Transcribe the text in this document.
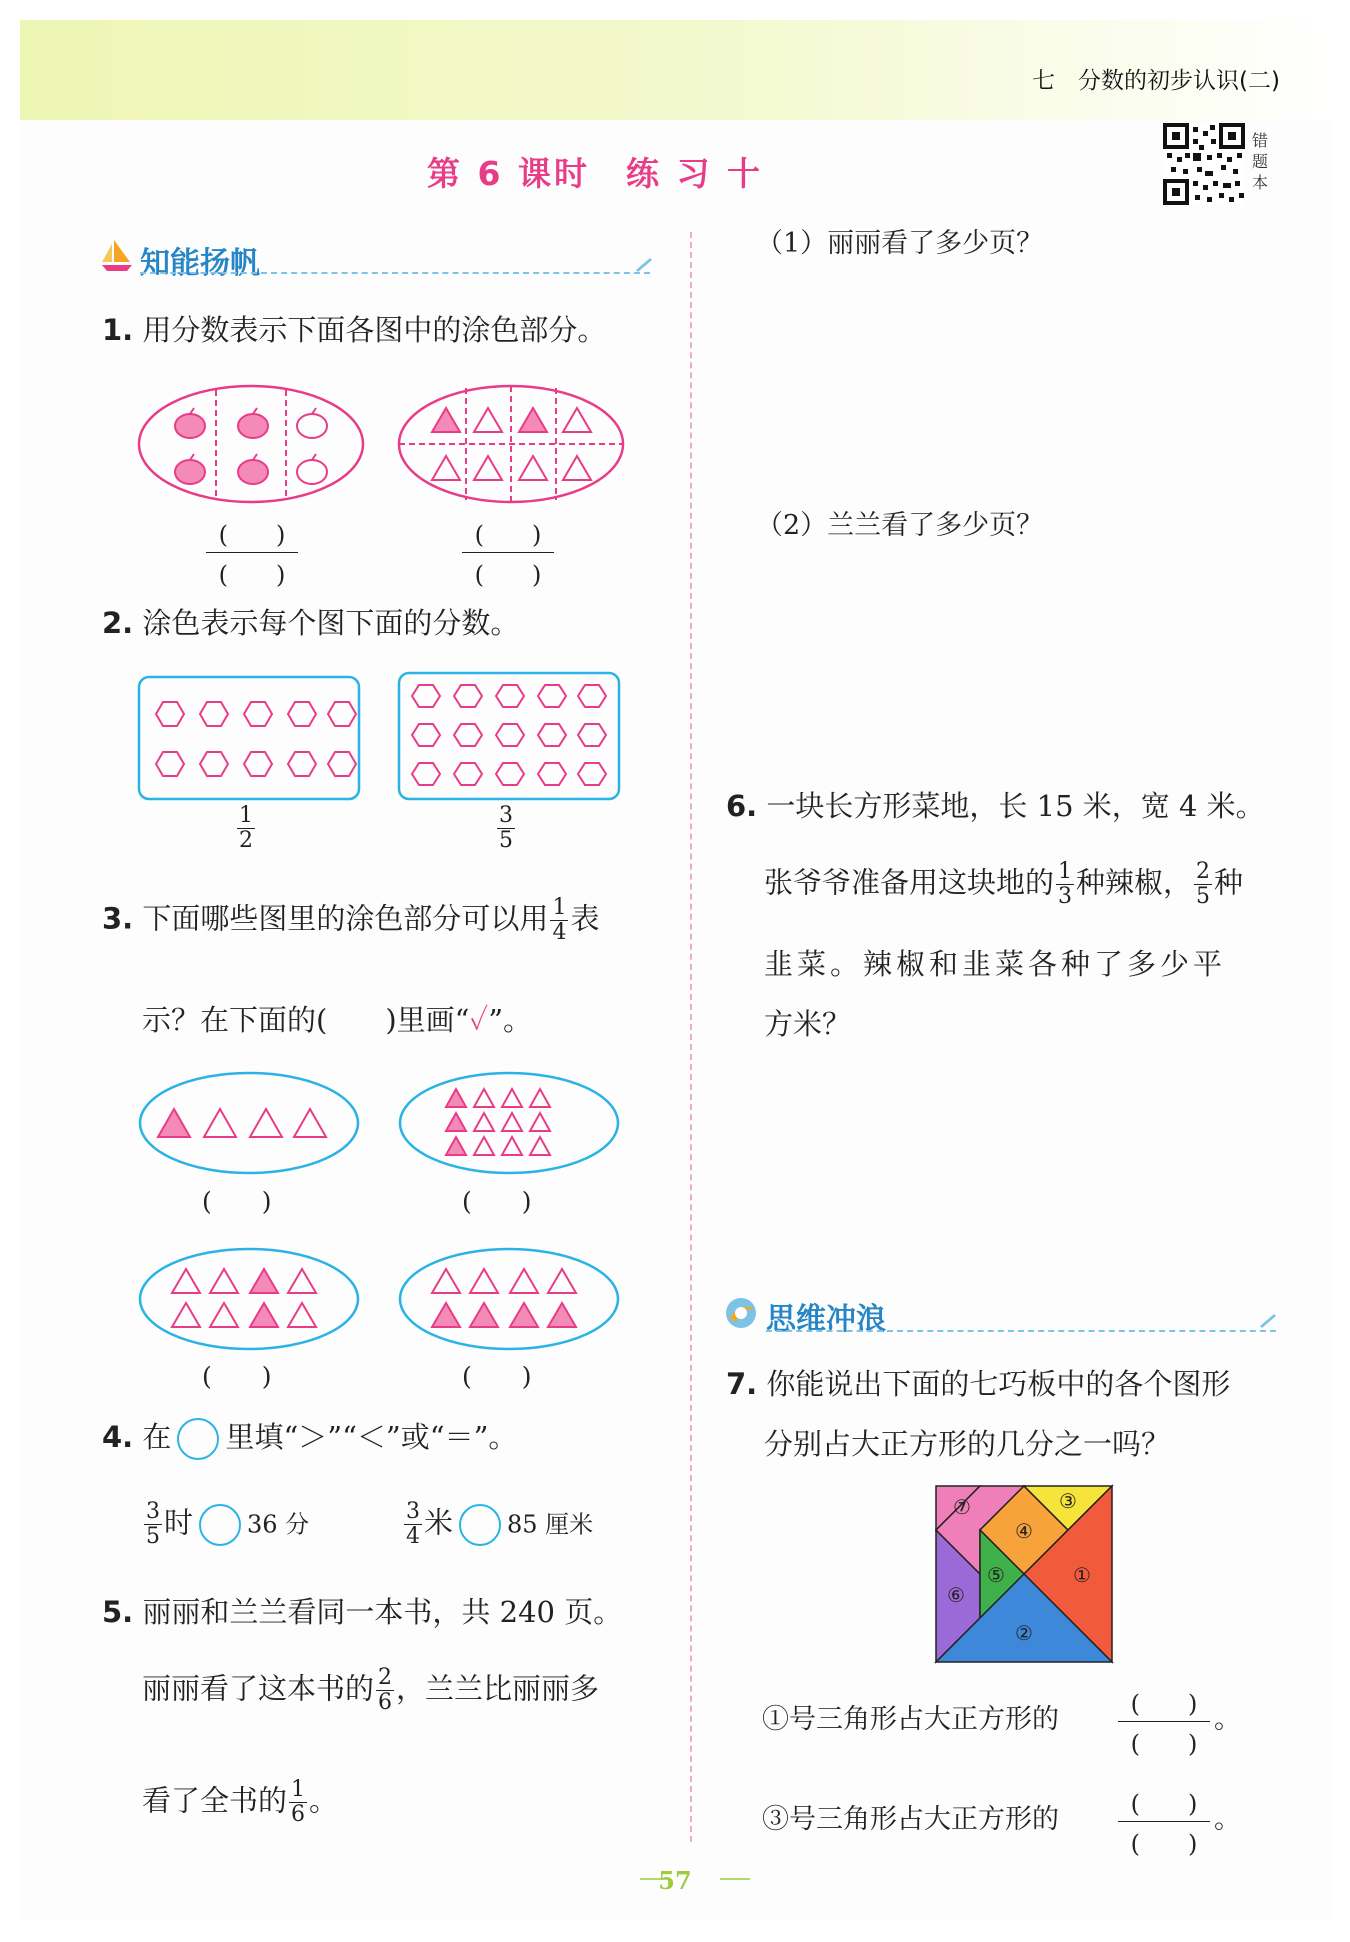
七　分数的初步认识(二)
第 6 课时　练 习 十
错题本
知能扬帆
1. 用分数表示下面各图中的涂色部分。
(　　)
(　　)
(　　)
(　　)
2. 涂色表示每个图下面的分数。
$\frac{1}{2}$	$\frac{3}{5}$
3. 下面哪些图里的涂色部分可以用 $\frac{1}{4}$ 表
示？在下面的(　　)里画“✓”。
(　　)	(　　)
(　　)	(　　)
4. 在 里填“＞”“＜”或“＝”。
$\frac{3}{5}$ 时 36 分	$\frac{3}{4}$ 米 85 厘米
5. 丽丽和兰兰看同一本书，共 240 页。
丽丽看了这本书的 $\frac{2}{6}$ ，兰兰比丽丽多
看了全书的 $\frac{1}{6}$ 。
（1）丽丽看了多少页？
（2）兰兰看了多少页？
6. 一块长方形菜地，长 15 米，宽 4 米。
张爷爷准备用这块地的 $\frac{1}{3}$ 种辣椒， $\frac{2}{5}$ 种
韭菜。辣椒和韭菜各种了多少平
方米？
思维冲浪
7. 你能说出下面的七巧板中的各个图形
分别占大正方形的几分之一吗？
⑦
④
③
⑤	①
⑥
②
①号三角形占大正方形的	(　　)
(　　)
。
③号三角形占大正方形的	(　　)
(　　)
。
57
